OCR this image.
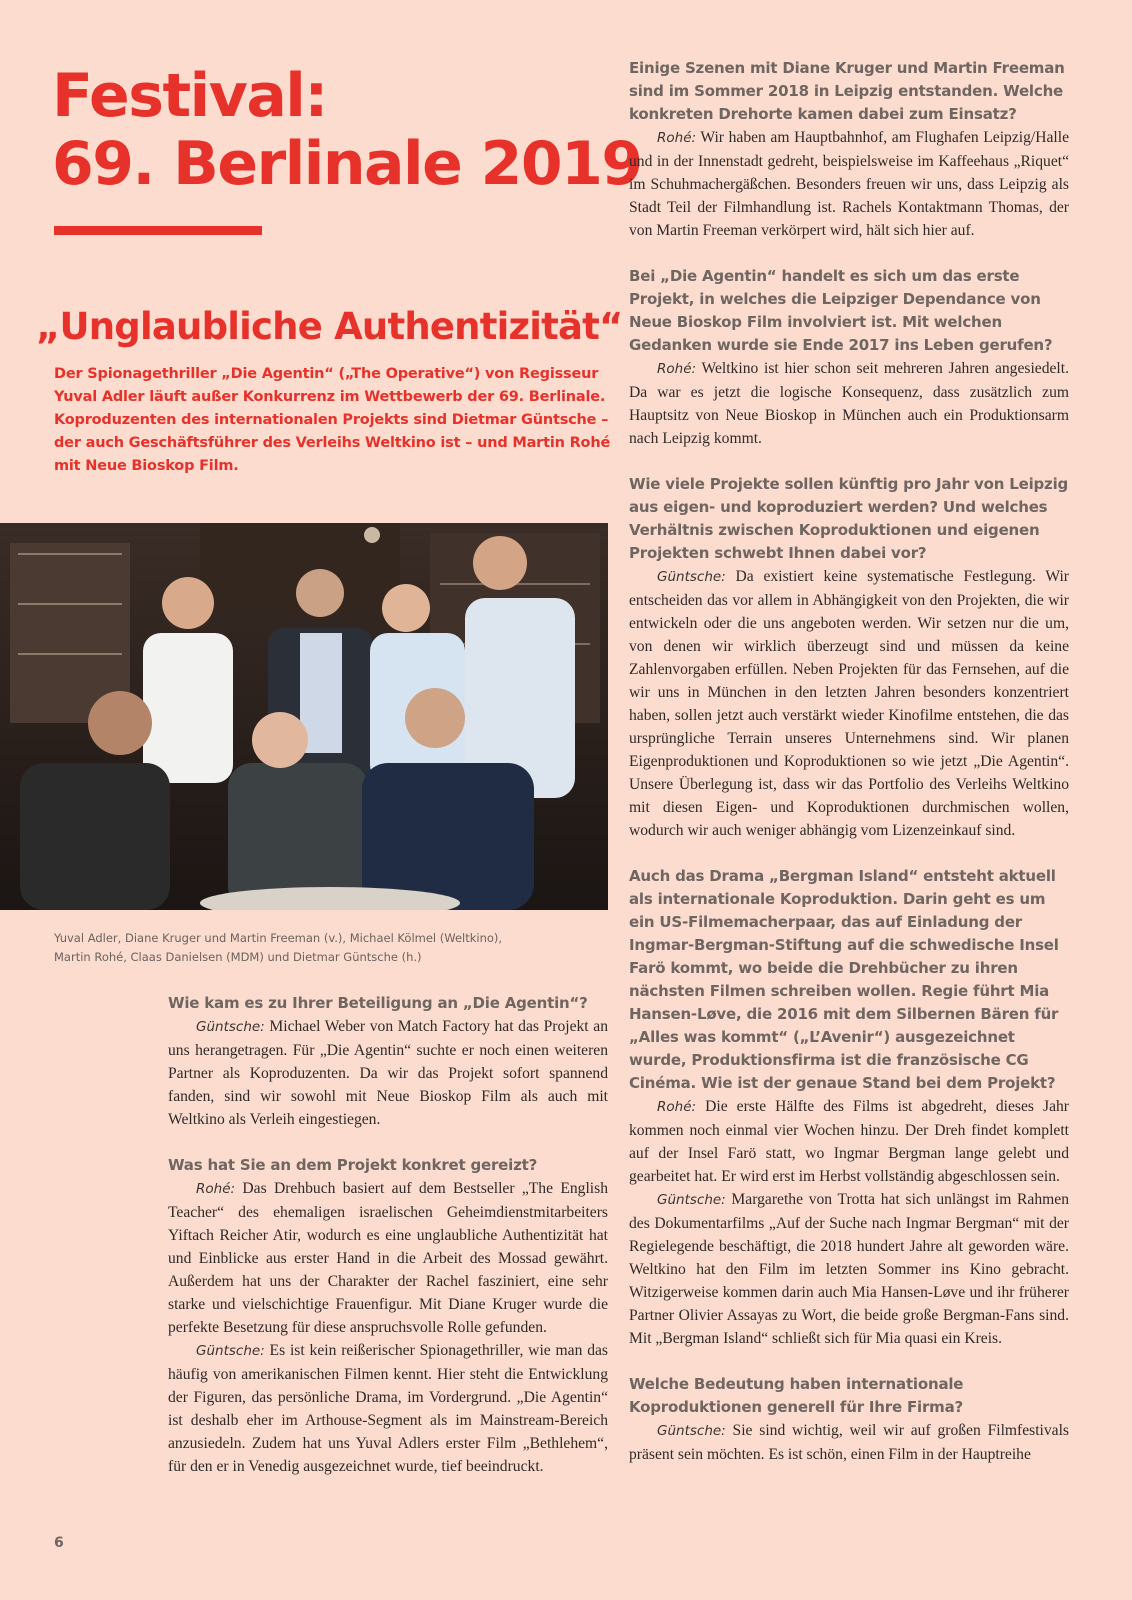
Festival:
69. Berlinale 2019
„Unglaubliche Authentizität“
Der Spionagethriller „Die Agentin“ („The Operative“) von Regisseur Yuval Adler läuft außer Konkurrenz im Wettbewerb der 69. Berlinale. Koproduzenten des internationalen Projekts sind Dietmar Güntsche – der auch Geschäftsführer des Verleihs Weltkino ist – und Martin Rohé mit Neue Bioskop Film.
Yuval Adler, Diane Kruger und Martin Freeman (v.), Michael Kölmel (Weltkino),
Martin Rohé, Claas Danielsen (MDM) und Dietmar Güntsche (h.)

Wie kam es zu Ihrer Beteiligung an „Die Agentin“?

Güntsche: Michael Weber von Match Factory hat das Projekt an uns herangetragen. Für „Die Agentin“ suchte er noch einen weiteren Partner als Koproduzenten. Da wir das Projekt sofort spannend fanden, sind wir sowohl mit Neue Bioskop Film als auch mit Weltkino als Verleih eingestiegen.

Was hat Sie an dem Projekt konkret gereizt?

Rohé: Das Drehbuch basiert auf dem Bestseller „The English Teacher“ des ehemaligen israelischen Geheimdienstmitarbeiters Yiftach Reicher Atir, wodurch es eine unglaubliche Authentizität hat und Einblicke aus erster Hand in die Arbeit des Mossad gewährt. Außerdem hat uns der Charakter der Rachel fasziniert, eine sehr starke und vielschichtige Frauenfigur. Mit Diane Kruger wurde die perfekte Besetzung für diese anspruchsvolle Rolle gefunden.

Güntsche: Es ist kein reißerischer Spionagethriller, wie man das häufig von amerikanischen Filmen kennt. Hier steht die Entwicklung der Figuren, das persönliche Drama, im Vordergrund. „Die Agentin“ ist deshalb eher im Arthouse-Segment als im Mainstream-Bereich anzusiedeln. Zudem hat uns Yuval Adlers erster Film „Bethlehem“, für den er in Venedig ausgezeichnet wurde, tief beeindruckt.

Einige Szenen mit Diane Kruger und Martin Freeman sind im Sommer 2018 in Leipzig entstanden. Welche konkreten Drehorte kamen dabei zum Einsatz?

Rohé: Wir haben am Hauptbahnhof, am Flughafen Leipzig/Halle und in der Innenstadt gedreht, beispielsweise im Kaffeehaus „Riquet“ im Schuhmachergäßchen. Besonders freuen wir uns, dass Leipzig als Stadt Teil der Filmhandlung ist. Rachels Kontaktmann Thomas, der von Martin Freeman verkörpert wird, hält sich hier auf.

Bei „Die Agentin“ handelt es sich um das erste Projekt, in welches die Leipziger Dependance von Neue Bioskop Film involviert ist. Mit welchen Gedanken wurde sie Ende 2017 ins Leben gerufen?

Rohé: Weltkino ist hier schon seit mehreren Jahren angesiedelt. Da war es jetzt die logische Konsequenz, dass zusätzlich zum Hauptsitz von Neue Bioskop in München auch ein Produktionsarm nach Leipzig kommt.

Wie viele Projekte sollen künftig pro Jahr von Leipzig aus eigen- und koproduziert werden? Und welches Verhältnis zwischen Koproduktionen und eigenen Projekten schwebt Ihnen dabei vor?

Güntsche: Da existiert keine systematische Festlegung. Wir entscheiden das vor allem in Abhängigkeit von den Projekten, die wir entwickeln oder die uns angeboten werden. Wir setzen nur die um, von denen wir wirklich überzeugt sind und müssen da keine Zahlenvorgaben erfüllen. Neben Projekten für das Fernsehen, auf die wir uns in München in den letzten Jahren besonders konzentriert haben, sollen jetzt auch verstärkt wieder Kinofilme entstehen, die das ursprüngliche Terrain unseres Unternehmens sind. Wir planen Eigenproduktionen und Koproduktionen so wie jetzt „Die Agentin“. Unsere Überlegung ist, dass wir das Portfolio des Verleihs Weltkino mit diesen Eigen- und Koproduktionen durchmischen wollen, wodurch wir auch weniger abhängig vom Lizenzeinkauf sind.

Auch das Drama „Bergman Island“ entsteht aktuell als internationale Koproduktion. Darin geht es um ein US-Filmemacherpaar, das auf Einladung der Ingmar-Bergman-Stiftung auf die schwedische Insel Farö kommt, wo beide die Drehbücher zu ihren nächsten Filmen schreiben wollen. Regie führt Mia Hansen-Løve, die 2016 mit dem Silbernen Bären für „Alles was kommt“ („L’Avenir“) ausgezeichnet wurde, Produktionsfirma ist die französische CG Cinéma. Wie ist der genaue Stand bei dem Projekt?

Rohé: Die erste Hälfte des Films ist abgedreht, dieses Jahr kommen noch einmal vier Wochen hinzu. Der Dreh findet komplett auf der Insel Farö statt, wo Ingmar Bergman lange gelebt und gearbeitet hat. Er wird erst im Herbst vollständig abgeschlossen sein.

Güntsche: Margarethe von Trotta hat sich unlängst im Rahmen des Dokumentarfilms „Auf der Suche nach Ingmar Bergman“ mit der Regielegende beschäftigt, die 2018 hundert Jahre alt geworden wäre. Weltkino hat den Film im letzten Sommer ins Kino gebracht. Witzigerweise kommen darin auch Mia Hansen-Løve und ihr früherer Partner Olivier Assayas zu Wort, die beide große Bergman-Fans sind. Mit „Bergman Island“ schließt sich für Mia quasi ein Kreis.

Welche Bedeutung haben internationale Koproduktionen generell für Ihre Firma?

Güntsche: Sie sind wichtig, weil wir auf großen Filmfestivals präsent sein möchten. Es ist schön, einen Film in der Hauptreihe

6
